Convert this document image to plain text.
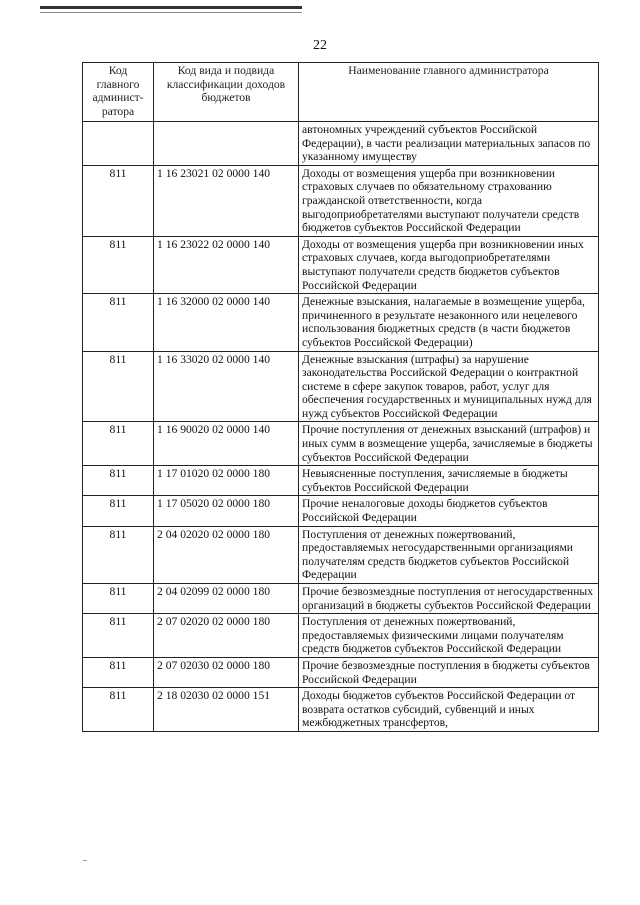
22
Код главного админист-ратора	Код вида и подвида классификации доходов бюджетов	Наименование главного администратора
		автономных учреждений субъектов Российской Федерации), в части реализации материальных запасов по указанному имуществу
811	1 16 23021 02 0000 140	Доходы от возмещения ущерба при возникновении страховых случаев по обязательному страхованию гражданской ответственности, когда выгодоприобретателями выступают получатели средств бюджетов субъектов Российской Федерации
811	1 16 23022 02 0000 140	Доходы от возмещения ущерба при возникновении иных страховых случаев, когда выгодоприобретателями выступают получатели средств бюджетов субъектов Российской Федерации
811	1 16 32000 02 0000 140	Денежные взыскания, налагаемые в возмещение ущерба, причиненного в результате незаконного или нецелевого использования бюджетных средств (в части бюджетов субъектов Российской Федерации)
811	1 16 33020 02 0000 140	Денежные взыскания (штрафы) за нарушение законодательства Российской Федерации о контрактной системе в сфере закупок товаров, работ, услуг для обеспечения государственных и муниципальных нужд для нужд субъектов Российской Федерации
811	1 16 90020 02 0000 140	Прочие поступления от денежных взысканий (штрафов) и иных сумм в возмещение ущерба, зачисляемые в бюджеты субъектов Российской Федерации
811	1 17 01020 02 0000 180	Невыясненные поступления, зачисляемые в бюджеты субъектов Российской Федерации
811	1 17 05020 02 0000 180	Прочие неналоговые доходы бюджетов субъектов Российской Федерации
811	2 04 02020 02 0000 180	Поступления от денежных пожертвований, предоставляемых негосударственными организациями получателям средств бюджетов субъектов Российской Федерации
811	2 04 02099 02 0000 180	Прочие безвозмездные поступления от негосударственных организаций в бюджеты субъектов Российской Федерации
811	2 07 02020 02 0000 180	Поступления от денежных пожертвований, предоставляемых физическими лицами получателям средств бюджетов субъектов Российской Федерации
811	2 07 02030 02 0000 180	Прочие безвозмездные поступления в бюджеты субъектов Российской Федерации
811	2 18 02030 02 0000 151	Доходы бюджетов субъектов Российской Федерации от возврата остатков субсидий, субвенций и иных межбюджетных трансфертов,
